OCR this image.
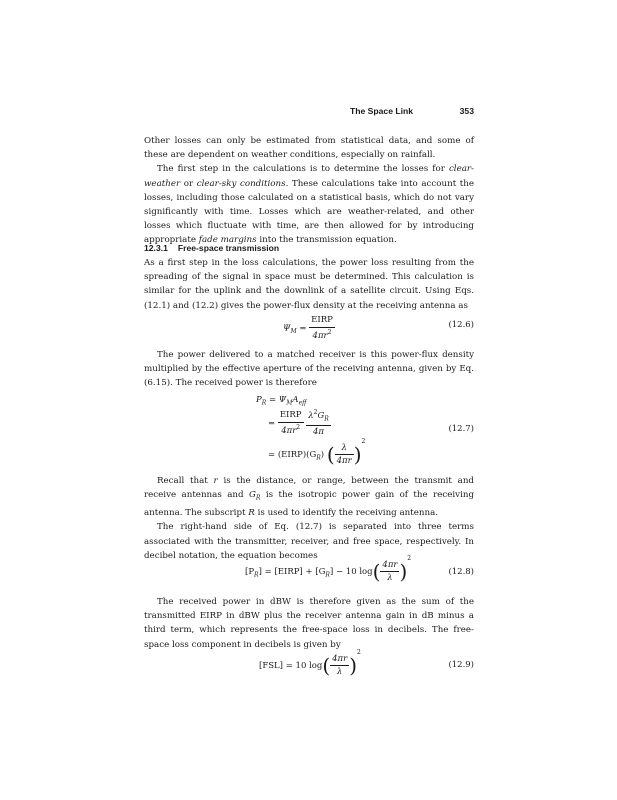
The Space Link	353

Other losses can only be estimated from statistical data, and some of these are dependent on weather conditions, especially on rainfall.

The first step in the calculations is to determine the losses for clear-weather or clear-sky conditions. These calculations take into account the losses, including those calculated on a statistical basis, which do not vary significantly with time. Losses which are weather-related, and other losses which fluctuate with time, are then allowed for by introducing appropriate fade margins into the transmission equation.

12.3.1 Free-space transmission

As a first step in the loss calculations, the power loss resulting from the spreading of the signal in space must be determined. This calculation is similar for the uplink and the downlink of a satellite circuit. Using Eqs. (12.1) and (12.2) gives the power-flux density at the receiving antenna as

$\Psi_M = \frac{\text{EIRP}}{4\pi r^2}$	(12.6)

The power delivered to a matched receiver is this power-flux density multiplied by the effective aperture of the receiving antenna, given by Eq. (6.15). The received power is therefore

$P_R = \Psi_MA_{eff}$
= $\frac{\text{EIRP}}{4\pi r^2}$
$\frac{\lambda^2G_R}{4\pi}$
= $(EIRP)(G_R)$ ( $\frac{\lambda}{4\pi r} )^2$
(12.7)

Recall that r is the distance, or range, between the transmit and receive antennas and $G_R$ is the isotropic power gain of the receiving antenna. The subscript R is used to identify the receiving antenna.

The right-hand side of Eq. (12.7) is separated into three terms associated with the transmitter, receiver, and free space, respectively. In decibel notation, the equation becomes

$[P_R]$ = [EIRP] + $[G_R] - 10$ $\log( \frac{4\pi r}{\lambda} )^2$
(12.8)

The received power in dBW is therefore given as the sum of the transmitted EIRP in dBW plus the receiver antenna gain in dB minus a third term, which represents the free-space loss in decibels. The free-space loss component in decibels is given by

[FSL] = 10 $\log( \frac{4\pi r}{\lambda} )^2$
(12.9)
